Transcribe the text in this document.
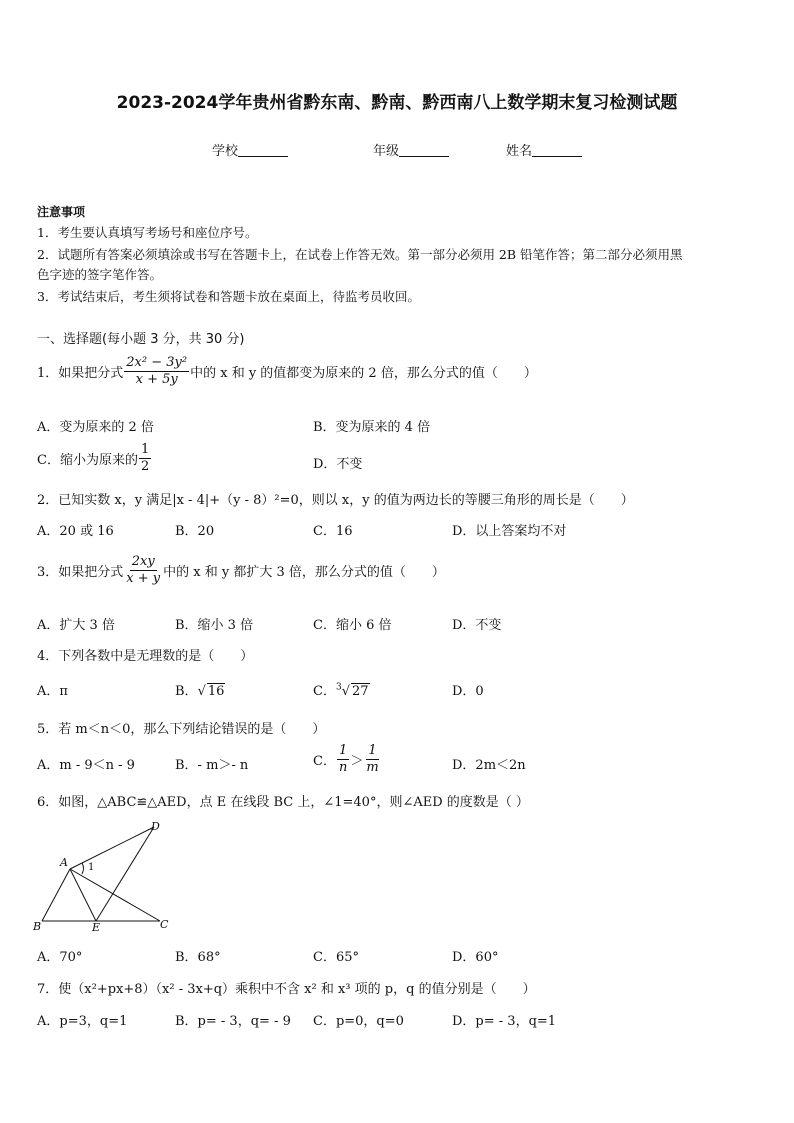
2023-2024学年贵州省黔东南、黔南、黔西南八上数学期末复习检测试题
学校	年级	姓名
注意事项
1．考生要认真填写考场号和座位序号。
2．试题所有答案必须填涂或书写在答题卡上，在试卷上作答无效。第一部分必须用 2B 铅笔作答；第二部分必须用黑
色字迹的签字笔作答。
3．考试结束后，考生须将试卷和答题卡放在桌面上，待监考员收回。
一、选择题(每小题 3 分，共 30 分)
1．如果把分式 $\frac{\text{2x² − 3y²}}{x + 5y}$ 中的 x 和 y 的值都变为原来的 2 倍，那么分式的值（　　）
A．变为原来的 2 倍	B．变为原来的 4 倍
C．缩小为原来的 $\frac{1}{2}$	D．不变
2．已知实数 x，y 满足|x - 4|+（y - 8）²=0，则以 x，y 的值为两边长的等腰三角形的周长是（　　）
A．20 或 16	B．20	C．16	D．以上答案均不对
3．如果把分式 $\frac{2xy}{x + y}$ 中的 x 和 y 都扩大 3 倍，那么分式的值（　　）
A．扩大 3 倍	B．缩小 3 倍	C．缩小 6 倍	D．不变
4．下列各数中是无理数的是（　　）
A．π	B．√ 16	C．$^3$√ 27	D．0
5．若 m＜n＜0，那么下列结论错误的是（　　）
A．m - 9＜n - 9	B．- m＞- n	C． $\frac{1}{n} > \frac{1}{m}$	D．2m＜2n
6．如图，△ABC≌△AED，点 E 在线段 BC 上，∠1=40°，则∠AED 的度数是（ ）
A
B	C
D
E
1
A．70°	B．68°	C．65°	D．60°
7．使（x²+px+8）（x² - 3x+q）乘积中不含 x² 和 x³ 项的 p，q 的值分别是（　　）
A．p=3，q=1	B．p= - 3，q= - 9 C．p=0，q=0	D．p= - 3，q=1
